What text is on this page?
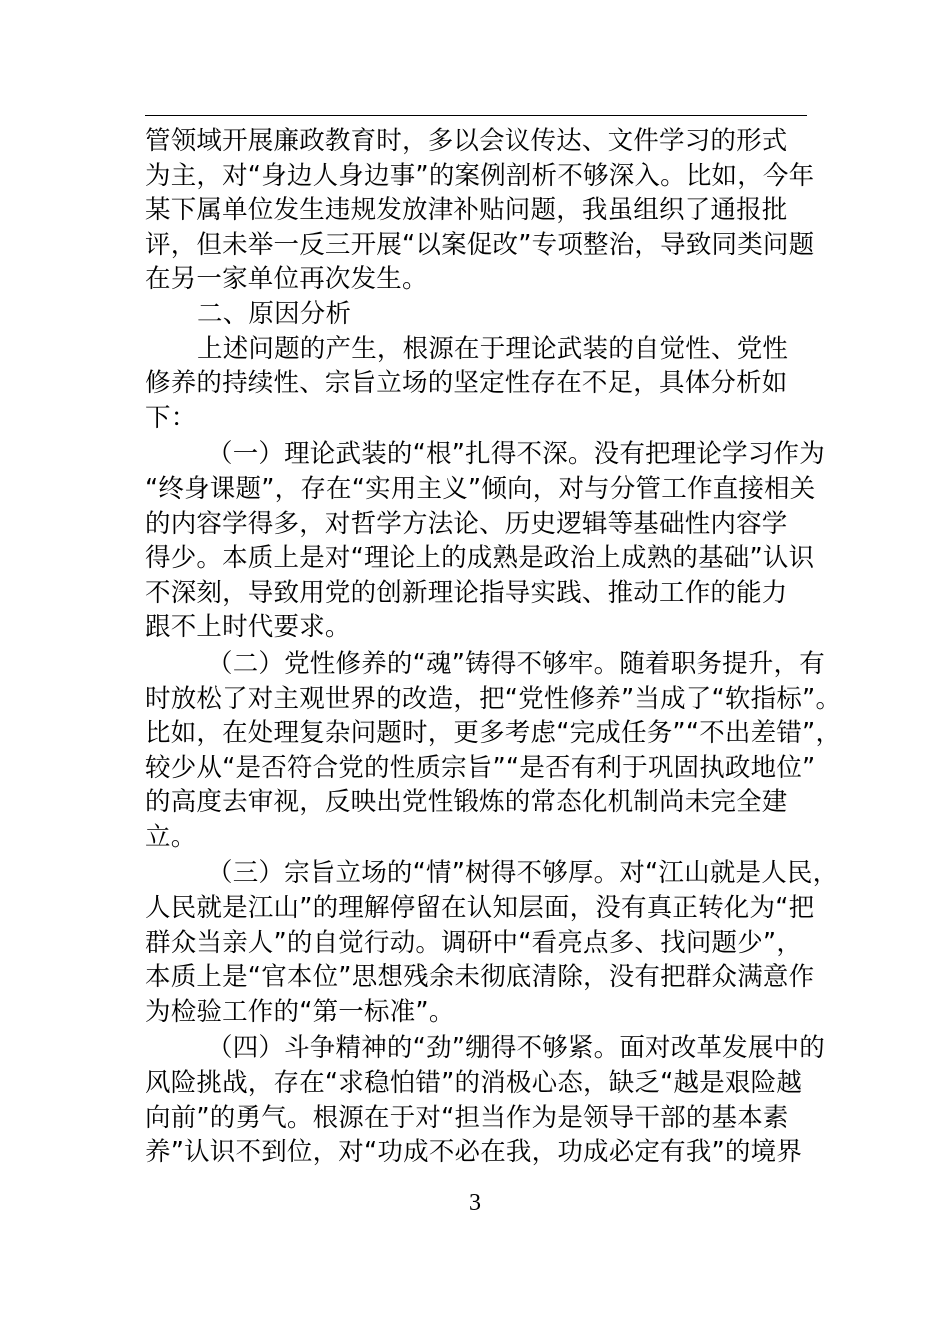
管领域开展廉政教育时，多以会议传达、文件学习的形式
为主，对“身边人身边事”的案例剖析不够深入。比如，今年
某下属单位发生违规发放津补贴问题，我虽组织了通报批
评，但未举一反三开展“以案促改”专项整治，导致同类问题
在另一家单位再次发生。
二、原因分析
上述问题的产生，根源在于理论武装的自觉性、党性
修养的持续性、宗旨立场的坚定性存在不足，具体分析如
下：
（一）理论武装的“根”扎得不深。没有把理论学习作为
“终身课题”，存在“实用主义”倾向，对与分管工作直接相关
的内容学得多，对哲学方法论、历史逻辑等基础性内容学
得少。本质上是对“理论上的成熟是政治上成熟的基础”认识
不深刻，导致用党的创新理论指导实践、推动工作的能力
跟不上时代要求。
（二）党性修养的“魂”铸得不够牢。随着职务提升，有
时放松了对主观世界的改造，把“党性修养”当成了“软指标”。
比如，在处理复杂问题时，更多考虑“完成任务”“不出差错”，
较少从“是否符合党的性质宗旨”“是否有利于巩固执政地位”
的高度去审视，反映出党性锻炼的常态化机制尚未完全建
立。
（三）宗旨立场的“情”树得不够厚。对“江山就是人民，
人民就是江山”的理解停留在认知层面，没有真正转化为“把
群众当亲人”的自觉行动。调研中“看亮点多、找问题少”，
本质上是“官本位”思想残余未彻底清除，没有把群众满意作
为检验工作的“第一标准”。
（四）斗争精神的“劲”绷得不够紧。面对改革发展中的
风险挑战，存在“求稳怕错”的消极心态，缺乏“越是艰险越
向前”的勇气。根源在于对“担当作为是领导干部的基本素
养”认识不到位，对“功成不必在我，功成必定有我”的境界
3
